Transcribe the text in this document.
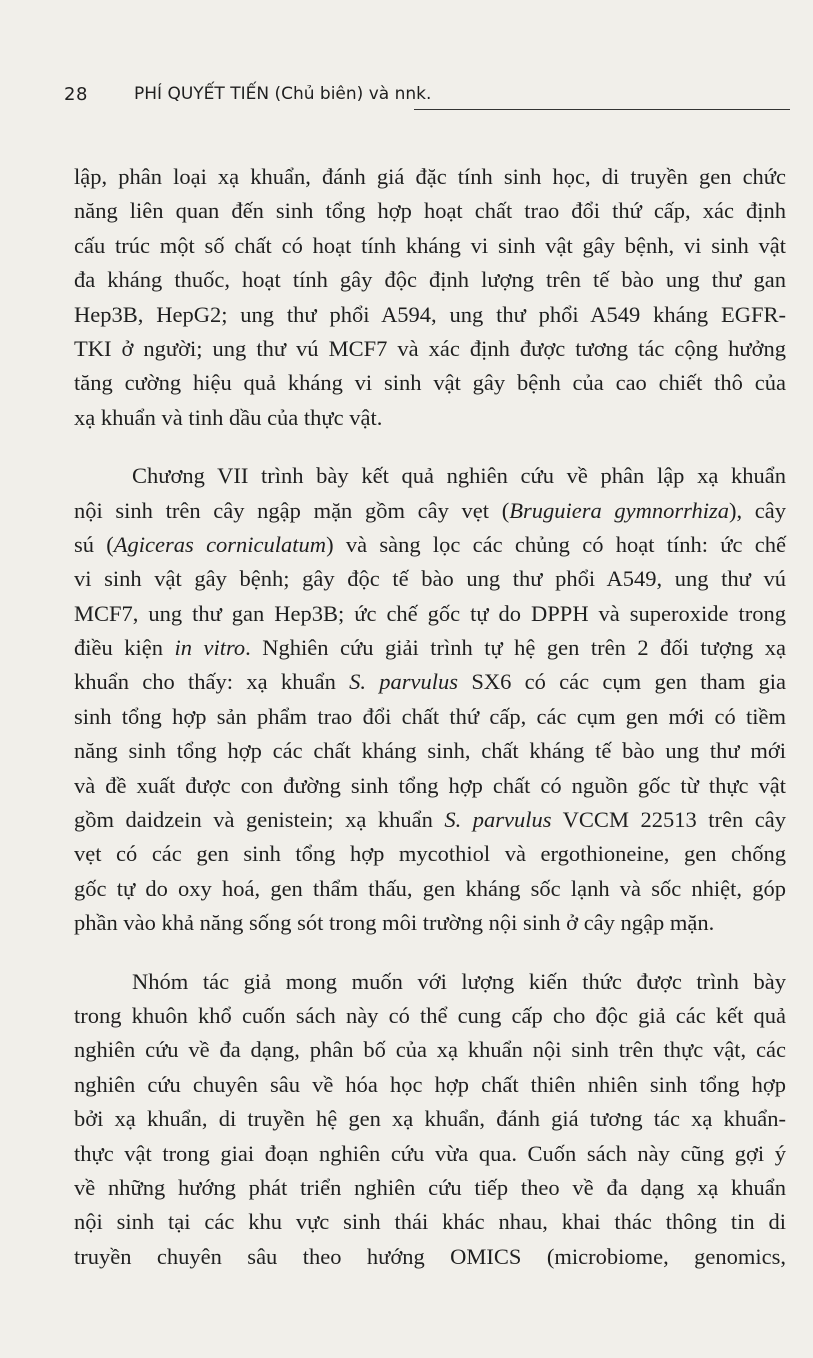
28	PHÍ QUYẾT TIẾN (Chủ biên) và nnk.
lập, phân loại xạ khuẩn, đánh giá đặc tính sinh học, di truyền gen chức
năng liên quan đến sinh tổng hợp hoạt chất trao đổi thứ cấp, xác định
cấu trúc một số chất có hoạt tính kháng vi sinh vật gây bệnh, vi sinh vật
đa kháng thuốc, hoạt tính gây độc định lượng trên tế bào ung thư gan
Hep3B, HepG2; ung thư phổi A594, ung thư phổi A549 kháng EGFR-
TKI ở người; ung thư vú MCF7 và xác định được tương tác cộng hưởng
tăng cường hiệu quả kháng vi sinh vật gây bệnh của cao chiết thô của
xạ khuẩn và tinh dầu của thực vật.
Chương VII trình bày kết quả nghiên cứu về phân lập xạ khuẩn
nội sinh trên cây ngập mặn gồm cây vẹt (Bruguiera gymnorrhiza), cây
sú (Agiceras corniculatum) và sàng lọc các chủng có hoạt tính: ức chế
vi sinh vật gây bệnh; gây độc tế bào ung thư phổi A549, ung thư vú
MCF7, ung thư gan Hep3B; ức chế gốc tự do DPPH và superoxide trong
điều kiện in vitro. Nghiên cứu giải trình tự hệ gen trên 2 đối tượng xạ
khuẩn cho thấy: xạ khuẩn S. parvulus SX6 có các cụm gen tham gia
sinh tổng hợp sản phẩm trao đổi chất thứ cấp, các cụm gen mới có tiềm
năng sinh tổng hợp các chất kháng sinh, chất kháng tế bào ung thư mới
và đề xuất được con đường sinh tổng hợp chất có nguồn gốc từ thực vật
gồm daidzein và genistein; xạ khuẩn S. parvulus VCCM 22513 trên cây
vẹt có các gen sinh tổng hợp mycothiol và ergothioneine, gen chống
gốc tự do oxy hoá, gen thẩm thấu, gen kháng sốc lạnh và sốc nhiệt, góp
phần vào khả năng sống sót trong môi trường nội sinh ở cây ngập mặn.
Nhóm tác giả mong muốn với lượng kiến thức được trình bày
trong khuôn khổ cuốn sách này có thể cung cấp cho độc giả các kết quả
nghiên cứu về đa dạng, phân bố của xạ khuẩn nội sinh trên thực vật, các
nghiên cứu chuyên sâu về hóa học hợp chất thiên nhiên sinh tổng hợp
bởi xạ khuẩn, di truyền hệ gen xạ khuẩn, đánh giá tương tác xạ khuẩn-
thực vật trong giai đoạn nghiên cứu vừa qua. Cuốn sách này cũng gợi ý
về những hướng phát triển nghiên cứu tiếp theo về đa dạng xạ khuẩn
nội sinh tại các khu vực sinh thái khác nhau, khai thác thông tin di
truyền chuyên sâu theo hướng OMICS (microbiome, genomics,
